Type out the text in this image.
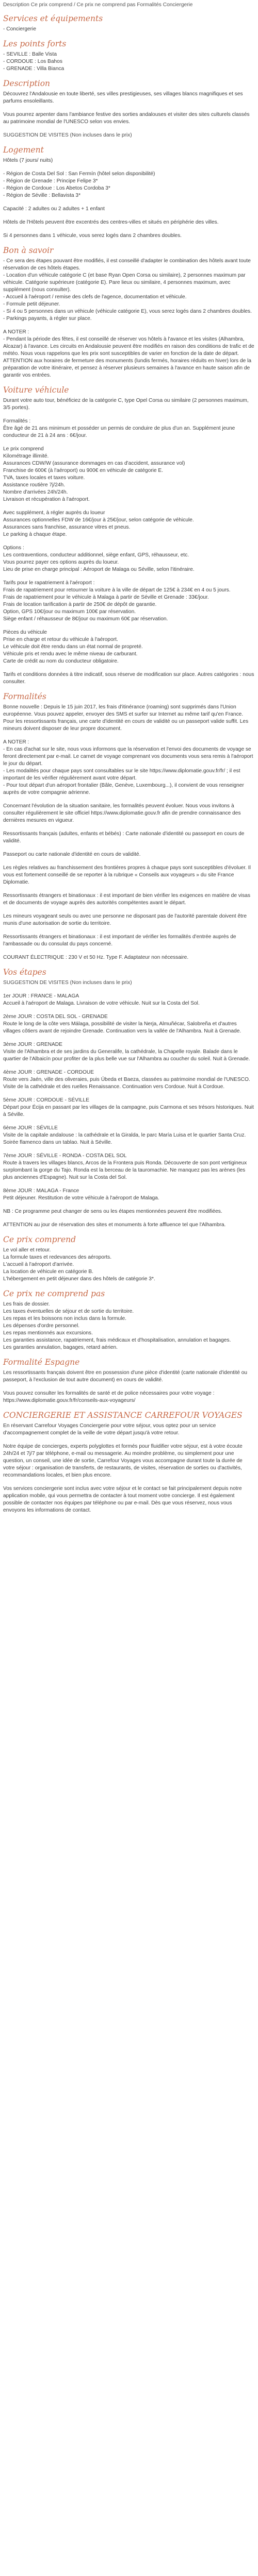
Description Ce prix comprend / Ce prix ne comprend pas Formalités Conciergerie
Services et équipements

- Conciergerie

Les points forts

- SEVILLE : Balle Vista
- CORDOUE : Los Bahos
- GRENADE : Villa Bianca

Description

Découvrez l'Andalousie en toute liberté, ses villes prestigieuses, ses villages blancs magnifiques et ses parfums ensoleillants.

Vous pourrez arpenter dans l'ambiance festive des sorties andalouses et visiter des sites culturels classés au patrimoine mondial de l'UNESCO selon vos envies.

SUGGESTION DE VISITES (Non incluses dans le prix)

Logement

Hôtels (7 jours/ nuits)

- Région de Costa Del Sol : San Fermín (hôtel selon disponibilité)
- Région de Grenade : Principe Felipe 3*
- Région de Cordoue : Los Abetos Cordoba 3*
- Région de Séville : Bellavista 3*

Capacité : 2 adultes ou 2 adultes + 1 enfant

Hôtels de l'Hôtels peuvent être excentrés des centres-villes et situés en périphérie des villes.

Si 4 personnes dans 1 véhicule, vous serez logés dans 2 chambres doubles.

Bon à savoir

- Ce sera des étapes pouvant être modifiés, il est conseillé d'adapter le combination des hôtels avant toute réservation de ces hôtels étapes.
- Location d'un véhicule catégorie C (et base Ryan Open Corsa ou similaire), 2 personnes maximum par véhicule. Catégorie supérieure (catégorie E). Pare lieux ou similaire, 4 personnes maximum, avec supplément (nous consulter).
- Accueil à l'aéroport / remise des clefs de l'agence, documentation et véhicule.
- Formule petit déjeuner.
- Si 4 ou 5 personnes dans un véhicule (véhicule catégorie E), vous serez logés dans 2 chambres doubles.
- Parkings payants, à régler sur place.

A NOTER :
- Pendant la période des fêtes, il est conseillé de réserver vos hôtels à l'avance et les visites (Alhambra, Alcazar) à l'avance. Les circuits en Andalousie peuvent être modifiés en raison des conditions de trafic et de météo. Nous vous rappelons que les prix sont susceptibles de varier en fonction de la date de départ. ATTENTION aux horaires de fermeture des monuments (lundis fermés, horaires réduits en hiver) lors de la préparation de votre itinéraire, et pensez à réserver plusieurs semaines à l'avance en haute saison afin de garantir vos entrées.

Voiture véhicule

Durant votre auto tour, bénéficiez de la catégorie C, type Opel Corsa ou similaire (2 personnes maximum, 3/5 portes).

Formalités :
Être âgé de 21 ans minimum et posséder un permis de conduire de plus d'un an. Supplément jeune conducteur de 21 à 24 ans : 6€/jour.

Le prix comprend
Kilométrage illimité.
Assurances CDW/W (assurance dommages en cas d'accident, assurance vol)
Franchise de 600€ (à l'aéroport) ou 900€ en véhicule de catégorie E.
TVA, taxes locales et taxes voiture.
Assistance routière 7j/24h.
Nombre d'arrivées 24h/24h.
Livraison et récupération à l'aéroport.

Avec supplément, à régler auprès du loueur
Assurances optionnelles FDW de 16€/jour à 25€/jour, selon catégorie de véhicule.
Assurances sans franchise, assurance vitres et pneus.
Le parking à chaque étape.

Options :
Les contraventions, conducteur additionnel, siège enfant, GPS, réhausseur, etc.
Vous pourrez payer ces options auprès du loueur.
Lieu de prise en charge principal : Aéroport de Malaga ou Séville, selon l'itinéraire.

Tarifs pour le rapatriement à l'aéroport :
Frais de rapatriement pour retourner la voiture à la ville de départ de 125€ à 234€ en 4 ou 5 jours.
Frais de rapatriement pour le véhicule à Malaga à partir de Séville et Grenade : 33€/jour.
Frais de location tarification à partir de 250€ de dépôt de garantie.
Option, GPS 10€/jour ou maximum 100€ par réservation.
Siège enfant / réhausseur de 8€/jour ou maximum 60€ par réservation.

Pièces du véhicule
Prise en charge et retour du véhicule à l'aéroport.
Le véhicule doit être rendu dans un état normal de propreté.
Véhicule pris et rendu avec le même niveau de carburant.
Carte de crédit au nom du conducteur obligatoire.

Tarifs et conditions données à titre indicatif, sous réserve de modification sur place. Autres catégories : nous consulter.

Formalités

Bonne nouvelle : Depuis le 15 juin 2017, les frais d'itinérance (roaming) sont supprimés dans l'Union européenne. Vous pouvez appeler, envoyer des SMS et surfer sur Internet au même tarif qu'en France. Pour les ressortissants français, une carte d'identité en cours de validité ou un passeport valide suffit. Les mineurs doivent disposer de leur propre document.

A NOTER :
- En cas d'achat sur le site, nous vous informons que la réservation et l'envoi des documents de voyage se feront directement par e-mail. Le carnet de voyage comprenant vos documents vous sera remis à l'aéroport le jour du départ.
- Les modalités pour chaque pays sont consultables sur le site https://www.diplomatie.gouv.fr/fr/ ; il est important de les vérifier régulièrement avant votre départ.
- Pour tout départ d'un aéroport frontalier (Bâle, Genève, Luxembourg...), il convient de vous renseigner auprès de votre compagnie aérienne.

Concernant l'évolution de la situation sanitaire, les formalités peuvent évoluer. Nous vous invitons à consulter régulièrement le site officiel https://www.diplomatie.gouv.fr afin de prendre connaissance des dernières mesures en vigueur.

Ressortissants français (adultes, enfants et bébés) : Carte nationale d'identité ou passeport en cours de validité.

Passeport ou carte nationale d'identité en cours de validité.

Les règles relatives au franchissement des frontières propres à chaque pays sont susceptibles d'évoluer. Il vous est fortement conseillé de se reporter à la rubrique « Conseils aux voyageurs » du site France Diplomatie.

Ressortissants étrangers et binationaux : il est important de bien vérifier les exigences en matière de visas et de documents de voyage auprès des autorités compétentes avant le départ.

Les mineurs voyageant seuls ou avec une personne ne disposant pas de l'autorité parentale doivent être munis d'une autorisation de sortie du territoire.

Ressortissants étrangers et binationaux : il est important de vérifier les formalités d'entrée auprès de l'ambassade ou du consulat du pays concerné.

COURANT ÉLECTRIQUE : 230 V et 50 Hz. Type F. Adaptateur non nécessaire.

Vos étapes

SUGGESTION DE VISITES (Non incluses dans le prix)

1er JOUR : FRANCE - MALAGA
Accueil à l'aéroport de Malaga. Livraison de votre véhicule. Nuit sur la Costa del Sol.

2ème JOUR : COSTA DEL SOL - GRENADE
Route le long de la côte vers Málaga, possibilité de visiter la Nerja, Almuñécar, Salobreña et d'autres villages côtiers avant de rejoindre Grenade. Continuation vers la vallée de l'Alhambra. Nuit à Grenade.

3ème JOUR : GRENADE
Visite de l'Alhambra et de ses jardins du Generalife, la cathédrale, la Chapelle royale. Balade dans le quartier de l'Albaicín pour profiter de la plus belle vue sur l'Alhambra au coucher du soleil. Nuit à Grenade.

4ème JOUR : GRENADE - CORDOUE
Route vers Jaén, ville des oliveraies, puis Úbeda et Baeza, classées au patrimoine mondial de l'UNESCO. Visite de la cathédrale et des ruelles Renaissance. Continuation vers Cordoue. Nuit à Cordoue.

5ème JOUR : CORDOUE - SÉVILLE
Départ pour Écija en passant par les villages de la campagne, puis Carmona et ses trésors historiques. Nuit à Séville.

6ème JOUR : SÉVILLE
Visite de la capitale andalouse : la cathédrale et la Giralda, le parc María Luisa et le quartier Santa Cruz. Soirée flamenco dans un tablao. Nuit à Séville.

7ème JOUR : SÉVILLE - RONDA - COSTA DEL SOL
Route à travers les villages blancs, Arcos de la Frontera puis Ronda. Découverte de son pont vertigineux surplombant la gorge du Tajo. Ronda est la berceau de la tauromachie. Ne manquez pas les arènes (les plus anciennes d'Espagne). Nuit sur la Costa del Sol.

8ème JOUR : MALAGA - France
Petit déjeuner. Restitution de votre véhicule à l'aéroport de Malaga.

NB : Ce programme peut changer de sens ou les étapes mentionnées peuvent être modifiées.

ATTENTION au jour de réservation des sites et monuments à forte affluence tel que l'Alhambra.

Ce prix comprend

Le vol aller et retour.
La formule taxes et redevances des aéroports.
L'accueil à l'aéroport d'arrivée.
La location de véhicule en catégorie B.
L'hébergement en petit déjeuner dans des hôtels de catégorie 3*.

Ce prix ne comprend pas

Les frais de dossier.
Les taxes éventuelles de séjour et de sortie du territoire.
Les repas et les boissons non inclus dans la formule.
Les dépenses d'ordre personnel.
Les repas mentionnés aux excursions.
Les garanties assistance, rapatriement, frais médicaux et d'hospitalisation, annulation et bagages.
Les garanties annulation, bagages, retard aérien.

Formalité Espagne

Les ressortissants français doivent être en possession d'une pièce d'identité (carte nationale d'identité ou passeport, à l'exclusion de tout autre document) en cours de validité.

Vous pouvez consulter les formalités de santé et de police nécessaires pour votre voyage : https://www.diplomatie.gouv.fr/fr/conseils-aux-voyageurs/

CONCIERGERIE ET ASSISTANCE CARREFOUR VOYAGES

En réservant Carrefour Voyages Conciergerie pour votre séjour, vous optez pour un service d'accompagnement complet de la veille de votre départ jusqu'à votre retour.

Notre équipe de concierges, experts polyglottes et formés pour fluidifier votre séjour, est à votre écoute 24h/24 et 7j/7 par téléphone, e-mail ou messagerie. Au moindre problème, ou simplement pour une question, un conseil, une idée de sortie, Carrefour Voyages vous accompagne durant toute la durée de votre séjour : organisation de transferts, de restaurants, de visites, réservation de sorties ou d'activités, recommandations locales, et bien plus encore.

Vos services conciergerie sont inclus avec votre séjour et le contact se fait principalement depuis notre application mobile, qui vous permettra de contacter à tout moment votre concierge. Il est également possible de contacter nos équipes par téléphone ou par e-mail. Dès que vous réservez, nous vous envoyons les informations de contact.
